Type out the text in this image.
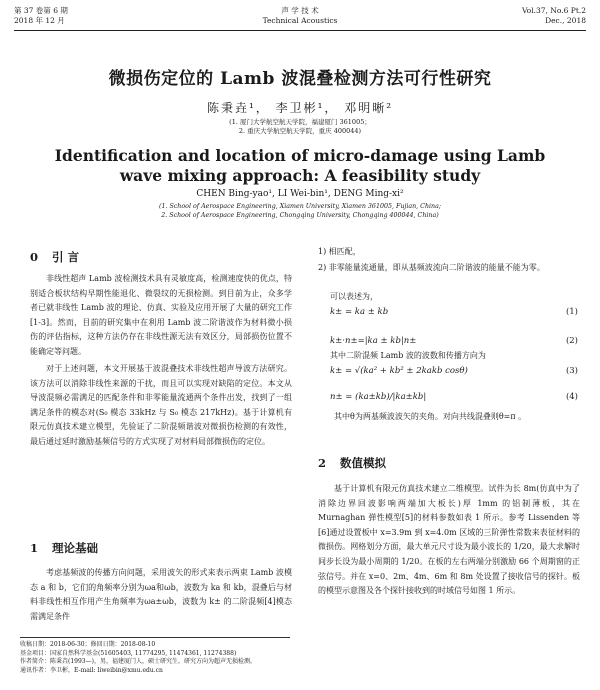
第 37 卷第 6 期
2018 年 12 月
声 学 技 术
Technical Acoustics
Vol.37, No.6 Pt.2
Dec., 2018
微损伤定位的 Lamb 波混叠检测方法可行性研究
陈秉垚¹， 李卫彬¹， 邓明晰²
(1. 厦门大学航空航天学院，福建厦门 361005；
2. 重庆大学航空航天学院，重庆 400044)
Identification and location of micro-damage using Lamb wave mixing approach: A feasibility study
CHEN Bing-yao¹, LI Wei-bin¹, DENG Ming-xi²
(1. School of Aerospace Engineering, Xiamen University, Xiamen 361005, Fujian, China;
2. School of Aerospace Engineering, Chongqing University, Chongqing 400044, China)
0 引 言
非线性超声 Lamb 波检测技术具有灵敏度高，检测速度快的优点，特别适合板状结构早期性能退化、微裂纹的无损检测。到目前为止，众多学者已就非线性 Lamb 波的理论、仿真、实验及应用开展了大量的研究工作[1-3]。然而，目前的研究集中在利用 Lamb 波二阶谐波作为材料微小损伤的评估指标，这种方法仍存在非线性源无法有效区分，局部损伤位置不能确定等问题。
对于上述问题，本文开展基于波混叠技术非线性超声导波方法研究。该方法可以消除非线性来源的干扰，而且可以实现对缺陷的定位。本文从导波混频必需满足的匹配条件和非零能量流通两个条件出发，找到了一组满足条件的模态对(S₀ 模态 33kHz 与 S₀ 模态 217kHz)。基于计算机有限元仿真技术建立模型，先验证了二阶混频谐波对微损伤检测的有效性，最后通过延时激励基频信号的方式实现了对材料局部微损伤的定位。
1 理论基础
考虑基频波的传播方向问题，采用波矢的形式来表示两束 Lamb 波模态 a 和 b，它们的角频率分别为ωa和ωb，波数为 ka 和 kb，混叠后与材料非线性相互作用产生角频率为ωa±ωb，波数为 k± 的二阶混频[4]模态需满足条件
1) 相匹配，
2) 非零能量流通量，即从基频波流向二阶谐波的能量不能为零。
可以表述为，
k± = ka ± kb	(1)
k±·n±=|ka ± kb|n±	(2)
其中二阶混频 Lamb 波的波数和传播方向为
k± = √(ka² + kb² ± 2kakb cosθ)	(3)
n± = (ka±kb)/|ka±kb|	(4)
其中θ为两基频波波矢的夹角。对向共线混叠则θ=π 。
2 数值模拟
基于计算机有限元仿真技术建立二维模型。试件为长 8m(仿真中为了消除边界回波影响两端加大板长)厚 1mm 的铝制薄板，其在 Murnaghan 弹性模型[5]的材料参数如表 1 所示。参考 Lissenden 等[6]通过设置板中 x=3.9m 到 x=4.0m 区域的三阶弹性常数来表征材料的微损伤。网格划分方面，最大单元尺寸设为最小波长的 1/20，最大求解时间步长设为最小周期的 1/20。在板的左右两端分别激励 66 个周期窗的正弦信号。并在 x=0、2m、4m、6m 和 8m 处设置了接收信号的探针。板的模型示意图及各个探针接收到的时域信号如图 1 所示。
收稿日期：2018-06-30；修回日期：2018-08-10
基金项目：国家自然科学基金(51605403, 11774295, 11474361, 11274388)
作者简介：陈秉垚(1993—)，男，福建厦门人，硕士研究生，研究方向为超声无损检测。
通讯作者：李卫彬，E-mail: liweibin@xmu.edu.cn
